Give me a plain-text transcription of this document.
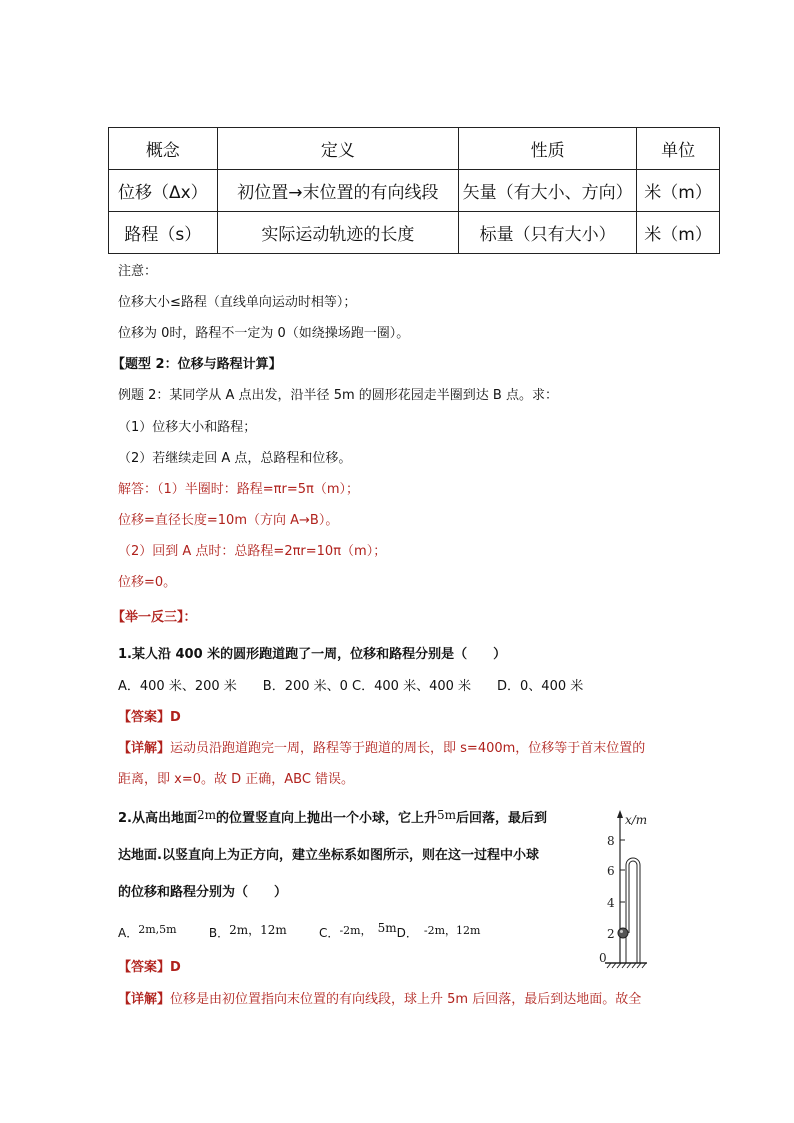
概念	定义	性质	单位
位移（Δx）	初位置→末位置的有向线段	矢量（有大小、方向）	米（m）
路程（s）	实际运动轨迹的长度	标量（只有大小）	米（m）
注意：
位移大小≤路程（直线单向运动时相等）；
位移为 0时，路程不一定为 0（如绕操场跑一圈）。
【题型 2：位移与路程计算】
例题 2：某同学从 A 点出发，沿半径 5m 的圆形花园走半圈到达 B 点。求：
（1）位移大小和路程；
（2）若继续走回 A 点，总路程和位移。
解答：（1）半圈时：路程=πr=5π（m）；
位移=直径长度=10m（方向 A→B）。
（2）回到 A 点时：总路程=2πr=10π（m）；
位移=0。
【举一反三】：
1.某人沿 400 米的圆形跑道跑了一周，位移和路程分别是（　　）
A．400 米、200 米　　B．200 米、0 C．400 米、400 米　　D．0、400 米
【答案】D
【详解】运动员沿跑道跑完一周，路程等于跑道的周长，即 s=400m，位移等于首末位置的
距离，即 x=0。故 D 正确，ABC 错误。
2.从高出地面2m的位置竖直向上抛出一个小球，它上升5m后回落，最后到
达地面.以竖直向上为正方向，建立坐标系如图所示，则在这一过程中小球
的位移和路程分别为（　　）
A．$^{2m,5m}$	B．2m，12m	C．$^{-2m,}$ 5mD． $^{-2m,12m}$
【答案】D
【详解】位移是由初位置指向末位置的有向线段，球上升 5m 后回落，最后到达地面。故全
x/m
8
6
4
2
0
